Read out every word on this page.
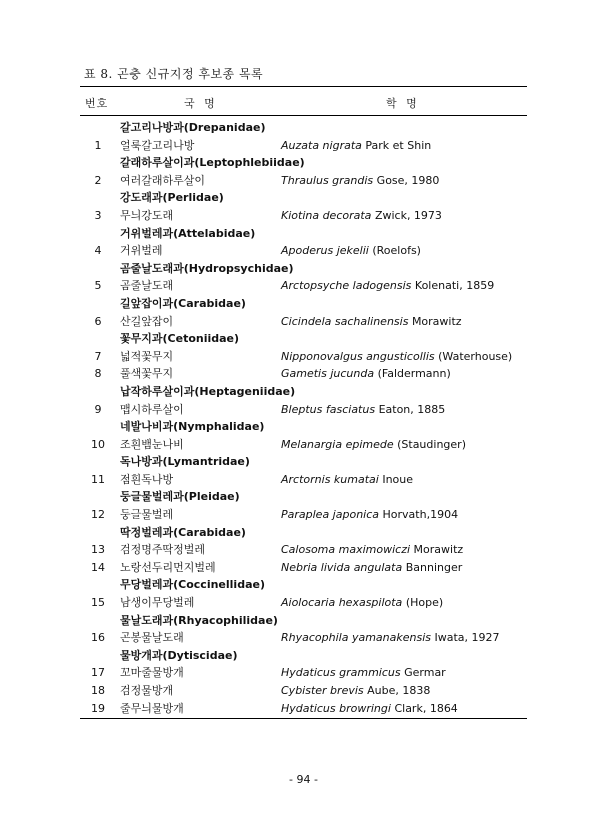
표 8. 곤충 신규지정 후보종 목록
번호	국 명	학 명
갈고리나방과(Drepanidae)
1	얼룩갈고리나방	Auzata nigrata Park et Shin
갈래하루살이과(Leptophlebiidae)
2	여러갈래하루살이	Thraulus grandis Gose, 1980
강도래과(Perlidae)
3	무늬강도래	Kiotina decorata Zwick, 1973
거위벌레과(Attelabidae)
4	거위벌레	Apoderus jekelii (Roelofs)
곰줄날도래과(Hydropsychidae)
5	곰줄날도래	Arctopsyche ladogensis Kolenati, 1859
길앞잡이과(Carabidae)
6	산길앞잡이	Cicindela sachalinensis Morawitz
꽃무지과(Cetoniidae)
7	넓적꽃무지	Nipponovalgus angusticollis (Waterhouse)
8	풀색꽃무지	Gametis jucunda (Faldermann)
납작하루살이과(Heptageniidae)
9	맵시하루살이	Bleptus fasciatus Eaton, 1885
네발나비과(Nymphalidae)
10	조흰뱀눈나비	Melanargia epimede (Staudinger)
독나방과(Lymantridae)
11	점흰독나방	Arctornis kumatai Inoue
둥글물벌레과(Pleidae)
12	둥글물벌레	Paraplea japonica Horvath,1904
딱정벌레과(Carabidae)
13	검정명주딱정벌레	Calosoma maximowiczi Morawitz
14	노랑선두리먼지벌레	Nebria livida angulata Banninger
무당벌레과(Coccinellidae)
15	남생이무당벌레	Aiolocaria hexaspilota (Hope)
물날도래과(Rhyacophilidae)
16	곤봉물날도래	Rhyacophila yamanakensis Iwata, 1927
물방개과(Dytiscidae)
17	꼬마줄물방개	Hydaticus grammicus Germar
18	검정물방개	Cybister brevis Aube, 1838
19	줄무늬물방개	Hydaticus browringi Clark, 1864
- 94 -
